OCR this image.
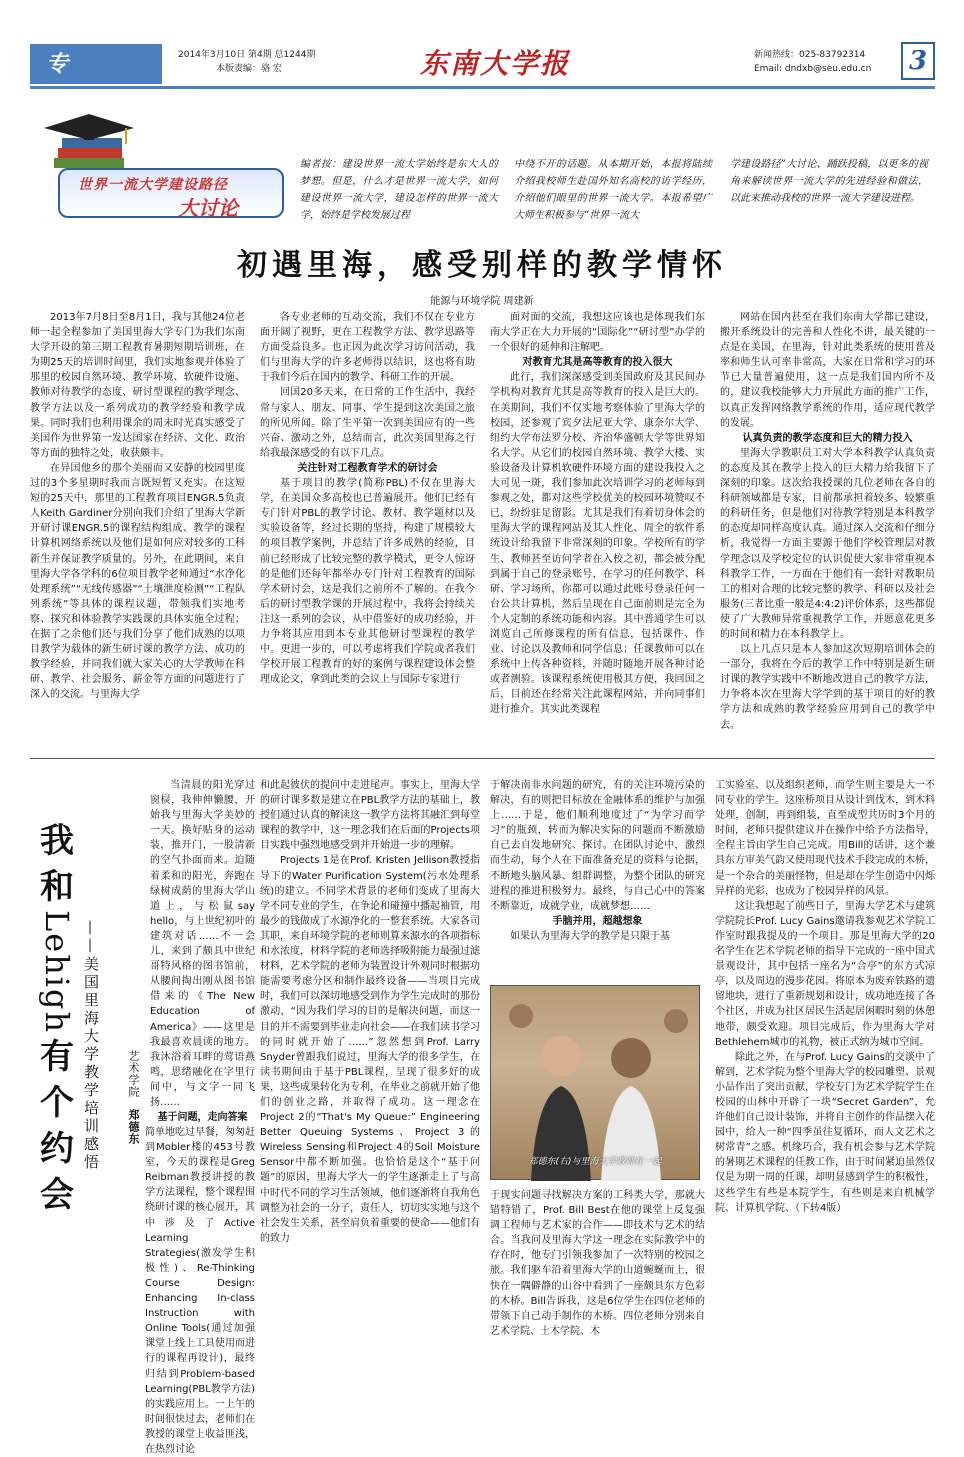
专 题
2014年3月10日 第4期 总1244期
本版责编：骆 宏	东南大学报	新闻热线：025-83792314
Email: dndxb@seu.edu.cn	3
世界一流大学建设路径
大讨论
编者按：建设世界一流大学始终是东大人的梦想。但是，什么才是世界一流大学，如何建设世界一流大学，建设怎样的世界一流大学，始终是学校发展过程
中绕不开的话题。从本期开始，本报将陆续介绍我校师生赴国外知名高校的访学经历，介绍他们眼里的世界一流大学。本报希望广大师生积极参与“世界一流大
学建设路径”大讨论、踊跃投稿，以更多的视角来解读世界一流大学的先进经验和做法，以此来推动我校的世界一流大学建设进程。
初遇里海，感受别样的教学情怀
能源与环境学院 周建新

2013年7月8日至8月1日，我与其他24位老师一起全程参加了美国里海大学专门为我们东南大学开设的第三期工程教育暑期短期培训班，在为期25天的培训时间里，我们实地参观并体验了那里的校园自然环境、教学环境、软硬件设施、教师对待教学的态度、研讨型课程的教学理念、教学方法以及一系列成功的教学经验和教学成果。同时我们也利用课余的周末时光真实感受了美国作为世界第一发达国家在经济、文化、政治等方面的独特之处，收获颇丰。

在异国他乡的那个美丽而又安静的校园里度过的3个多星期时我而言既短暂又充实。在这短短的25天中，那里的工程教育项目ENGR.5负责人Keith Gardiner分别向我们介绍了里海大学新开研讨课ENGR.5的课程结构组成、教学的课程计算机网络系统以及他们是如何应对较多的工科新生并保证教学质量的。另外，在此期间，来自里海大学各学科的6位项目教学老师通过“水净化处理系统”“无线传感器”“土壤泄度检测”“工程队列系统”等具体的课程议题，带领我们实地考察、探究和体验教学实践课的具体实施全过程；在据了之余他们还与我们分享了他们成熟的以项目教学为载体的新生研讨课的教学方法、成功的教学经验，并同我们就大家关心的大学教师在科研、教学、社会服务、薪金等方面的问题进行了深入的交流。与里海大学

各专业老师的互动交流，我们不仅在专业方面开阔了视野，更在工程教学方法、教学思路等方面受益良多。也正因为此次学习访问活动，我们与里海大学的许多老师得以结识，这也将有助于我们今后在国内的教学、科研工作的开展。

回国20多天来，在日常的工作生活中，我经常与家人、朋友、同事、学生提到这次美国之旅的所见所闻。除了生平第一次到美国应有的一些兴奋、激动之外，总结而言，此次美国里海之行给我最深感受的有以下几点。

关注针对工程教育学术的研讨会

基于项目的教学(简称PBL)不仅在里海大学，在美国众多高校也已普遍展开。他们已经有专门针对PBL的教学讨论、教材、教学题材以及实验设备等，经过长期的坚持，构建了规模较大的项目教学案例，并总结了许多成熟的经验，目前已经形成了比较完整的教学模式，更令人惊讶的是他们还每年都举办专门针对工程教育的国际学术研讨会，这是我们之前所不了解的。在我今后的研讨型教学课的开展过程中，我将会持续关注这一系列的会议，从中借鉴好的成功经验，并力争将其应用到本专业其他研讨型课程的教学中。更进一步的，可以考虑将我们学院或者我们学校开展工程教育的好的案例与课程建设体会整理成论文，拿到此类的会议上与国际专家进行

面对面的交流，我想这应该也是体现我们东南大学正在大力开展的“国际化”“研讨型”办学的一个很好的延伸和注解吧。

对教育尤其是高等教育的投入很大

此行，我们深深感受到美国政府及其民间办学机构对教育尤其是高等教育的投入是巨大的。在美期间，我们不仅实地考察体验了里海大学的校园，还参观了宾夕法尼亚大学、康奈尔大学、纽约大学布法罗分校、齐治华盛顿大学等世界知名大学。从它们的校园自然环境、教学大楼、实验设备及计算机软硬件环境方面的建设我投入之大可见一斑，我们参加此次培训学习的老师每到参观之处，都对这些学校优美的校园环境赞叹不已，纷纷驻足留影。尤其是我们有着切身体会的里海大学的课程网站及其人性化、周全的软件系统设计给我留下非常深刻的印象。学校所有的学生、教师甚至访问学者在入校之初，都会被分配到属于自己的登录账号，在学习的任何教学、科研、学习场所，你都可以通过此账号登录任何一台公共计算机，然后呈现在自己面前则是完全为个人定制的系统功能和内容。其中普通学生可以浏览自己所修课程的所有信息，包括课件、作业、讨论以及教师和同学信息；任课教师可以在系统中上传各种资料，并随时随地开展各种讨论或者测验。该课程系统使用极其方便，我回国之后，目前还在经常关注此课程网站，并向同事们进行推介。其实此类课程

网站在国内甚至在我们东南大学都已建设，搬开系统设计的完善和人性化不讲，最关键的一点是在美国，在里海，针对此类系统的使用普及率和师生认可率非常高，大家在日常和学习的环节已大量普遍使用，这一点是我们国内所不及的，建议我校能够大力开展此方面的推广工作，以真正发挥网络教学系统的作用，适应现代教学的发展。

认真负责的教学态度和巨大的精力投入

里海大学教职员工对大学本科教学认真负责的态度及其在教学上投入的巨大精力给我留下了深刻的印象。这次给我授课的几位老师在各自的科研领域都是专家，目前都承担着较多、较繁重的科研任务，但是他们对待教学特别是本科教学的态度却同样高度认真。通过深入交流和仔细分析，我觉得一方面主要源于他们学校管理层对教学理念以及学校定位的认识促使大家非常重视本科教学工作，一方面在于他们有一套针对教职员工的相对合理的比较完整的教学、科研以及社会服务(三者比重一般是4:4:2)评价体系，这些都促使了广大教师异常重视教学工作，并愿意花更多的时间和精力在本科教学上。

以上几点只是本人参加这次短期培训体会的一部分，我将在今后的教学工作中特别是新生研讨课的教学实践中不断地改进自己的教学方法，力争将本次在里海大学学到的基于项目的好的教学方法和成熟的教学经验应用到自己的教学中去。

我和
Lehigh
有个约会
——美国里海大学教学培训感悟	艺术学院 郑德东

当清晨的阳光穿过窗棂，我伸伸懒腰，开始我与里海大学美妙的一天。换好贴身的运动装，推开门，一股清新的空气扑面而来。迫随着柔和的阳光，奔跑在绿树成荫的里海大学山道上，与松鼠say hello，与上世纪初叶的建筑对话……不一会儿，来到了颇具中世纪哥特风格的图书馆前，从腰间掏出刚从图书馆借来的《The New Education of America》——这里是我最喜欢晨读的地方。我沐浴着耳畔的莺语燕鸣，思绪融化在字里行间中，与文字一同飞扬……

基于问题，走向答案

简单地吃过早餐，匆匆赶到Mobler楼的453号教室，今天的课程是Greg Reibman教授讲授的教学方法课程，整个课程围绕研讨课的核心展开，其中涉及了Active Learning Strategies(激发学生积极性)、Re-Thinking Course Design: Enhancing In-class Instruction with Online Tools(通过加强课堂上线上工具使用而进行的课程再设计)，最终归结到Problem-based Learning(PBL教学方法)的实践应用上。一上午的时间很快过去，老师们在教授的课堂上收益匪浅，在热烈讨论

和此起彼伏的提问中走进尾声。事实上，里海大学的研讨课多数是建立在PBL教学方法的基础上，教授们通过认真的解读这一教学方法将其融汇到每堂课程的教学中，这一理念我们在后面的Projects项目实践中强烈地感受到并开始进一步的理解。

Projects 1是在Prof. Kristen Jellison教授指导下的Water Purification System(污水处理系统)的建立。不同学术背景的老师们变成了里海大学不同专业的学生，在争论和碰撞中播起袖管，用最少的钱做成了水源净化的一整套系统。大家各司其职，来自环境学院的老师则算来源水的各项指标和水浓度，材料学院的老师选择吸附能力最强过滤材料，艺术学院的老师为装置设计外观同时根据功能需要考虑分区和制作最终设备——当项目完成时，我们可以深切地感受到作为学生完成时的那份激动，“因为我们学习的目的是解决问题，而这一目的并不需要到毕业走向社会——在我们读书学习的同时就开始了……”忽然想到Prof. Larry Snyder曾跟我们说过，里海大学的很多学生，在读书期间由于基于PBL课程，呈现了很多好的成果，这些成果转化为专利，在毕业之前就开始了他们的创业之路，并取得了成功。这一理念在Project 2的“That's My Queue:” Engineering Better Queuing Systems、Project 3的Wireless Sensing和Project 4的Soil Moisture Sensor中都不断加强。也恰恰是这个“基于问题”的原因，里海大学大一的学生逐渐走上了与高中时代不同的学习生活领域，他们逐渐将自我角色调整为社会的一分子，责任人，切切实实地与这个社会发生关系，甚至肩负着重要的使命——他们有的致力

于解决南非水问题的研究，有的关注环境污染的解决，有的则把目标放在金融体系的维护与加强上……于是，他们顺利地度过了“为学习而学习”的瓶颈，转而为解决实际的问题而不断激励自己去自发地研究、探讨。在团队讨论中，激烈而生动，每个人在下面准备充足的资料与论据，不断地头脑风暴、组群调整，为整个团队的研究进程的推进积极努力。最终，与自己心中的答案不断靠近，成就学业，成就梦想……

手脑并用，超越想象

如果认为里海大学的教学是只限于基

郑德东(右)与里海大学教师在一起

于现实问题寻找解决方案的工科类大学，那就大错特错了，Prof. Bill Best在他的课堂上反复强调工程师与艺术家的合作——即技术与艺术的结合。当我问及里海大学这一理念在实际教学中的存在时，他专门引领我参加了一次特别的校园之旅。我们驱车沿着里海大学的山道蜿蜒而上，很快在一隅僻静的山谷中看到了一座颇具东方色彩的木桥。Bill告诉我，这是6位学生在四位老师的带领下自己动手制作的木桥。四位老师分别来自艺术学院、土木学院、木

工实验室、以及组织老师，而学生则主要是大一不同专业的学生。这座桥项目从设计到伐木，到木料处理，创制，再到组装，直至成型共历时3个月的时间，老师只提供建议并在操作中给予方法指导，全程主旨由学生自己完成。用Bill的话讲，这个兼具东方审美气韵又使用现代技术手段完成的木桥，是一个杂合的美丽怪物，但是却在学生创造中闪烁异样的光彩，也成为了校园异样的风景。

这让我想起了前些日子，里海大学艺术与建筑学院院长Prof. Lucy Gains邀请我参观艺术学院工作室时跟我提及的一个项目。那是里海大学的20名学生在艺术学院老师的指导下完成的一座中国式景观设计，其中包括一座名为“合亭”的东方式凉亭，以及周边的漫步花园。将原本为废弃铁路的遗留地块，进行了重新规划和设计，成功地连接了各个社区，并成为社区居民生活起居闲暇时刻的休憩地带，颇受欢迎。项目完成后，作为里海大学对Bethlehem城市的礼物，被正式纳为城市空间。

除此之外，在与Prof. Lucy Gains的交谈中了解到，艺术学院为整个里海大学的校园雕塑、景观小品作出了突出贡献，学校专门为艺术学院学生在校园的山林中开辟了一块“Secret Garden”，允许他们自己设计装饰，并将自主创作的作品摆入花园中，给人一种“四季虽往复循环，而人文艺术之树常青”之感。机缘巧合，我有机会参与艺术学院的暑期艺术课程的任教工作，由于时间紧迫虽然仅仅是为期一周的任课，却明显感到学生的积极性，这些学生有些是本院学生，有些则是来自机械学院、计算机学院、（下转4版）
